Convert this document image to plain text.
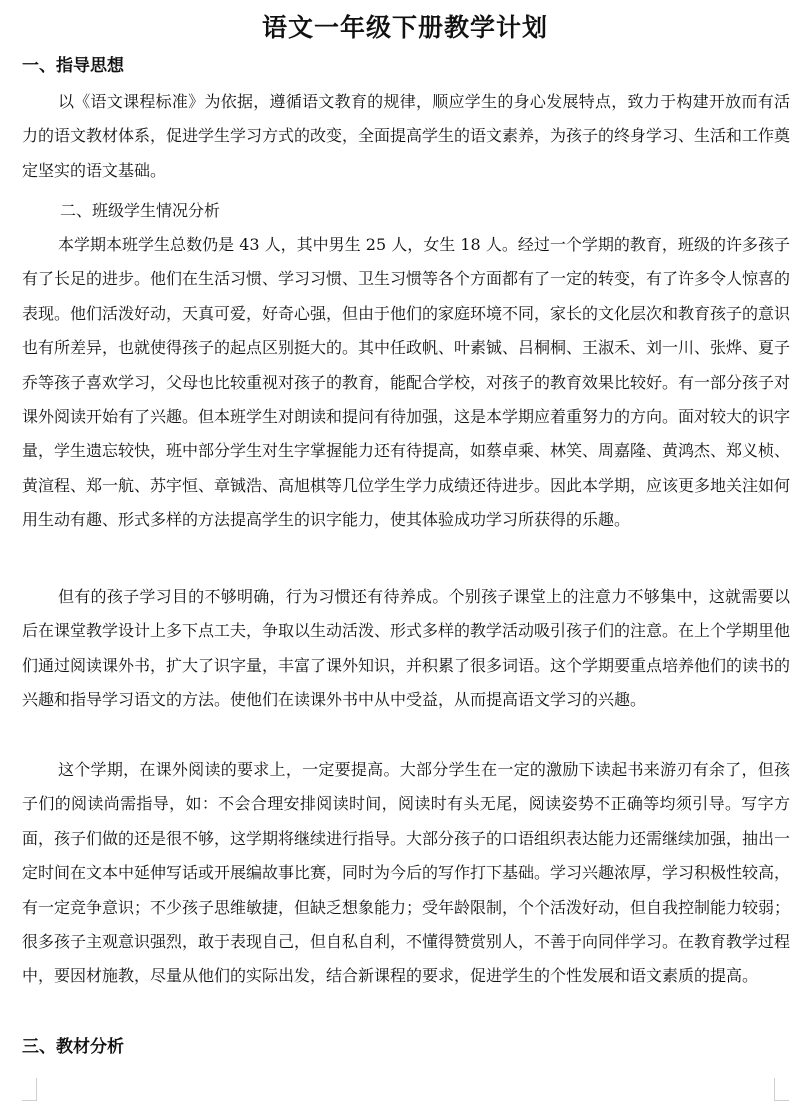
语文一年级下册教学计划
一、指导思想

以《语文课程标准》为依据，遵循语文教育的规律，顺应学生的身心发展特点，致力于构建开放而有活力的语文教材体系，促进学生学习方式的改变，全面提高学生的语文素养，为孩子的终身学习、生活和工作奠定坚实的语文基础。

二、班级学生情况分析

本学期本班学生总数仍是 43 人，其中男生 25 人，女生 18 人。经过一个学期的教育，班级的许多孩子有了长足的进步。他们在生活习惯、学习习惯、卫生习惯等各个方面都有了一定的转变，有了许多令人惊喜的表现。他们活泼好动，天真可爱，好奇心强，但由于他们的家庭环境不同，家长的文化层次和教育孩子的意识也有所差异，也就使得孩子的起点区别挺大的。其中任政帆、叶素铖、吕桐桐、王淑禾、刘一川、张烨、夏子乔等孩子喜欢学习，父母也比较重视对孩子的教育，能配合学校，对孩子的教育效果比较好。有一部分孩子对课外阅读开始有了兴趣。但本班学生对朗读和提问有待加强，这是本学期应着重努力的方向。面对较大的识字量，学生遗忘较快，班中部分学生对生字掌握能力还有待提高，如蔡卓乘、林笑、周嘉隆、黄鸿杰、郑义桢、黄渲程、郑一航、苏宇恒、章铖浩、高旭棋等几位学生学力成绩还待进步。因此本学期，应该更多地关注如何用生动有趣、形式多样的方法提高学生的识字能力，使其体验成功学习所获得的乐趣。

但有的孩子学习目的不够明确，行为习惯还有待养成。个别孩子课堂上的注意力不够集中，这就需要以后在课堂教学设计上多下点工夫，争取以生动活泼、形式多样的教学活动吸引孩子们的注意。在上个学期里他们通过阅读课外书，扩大了识字量，丰富了课外知识，并积累了很多词语。这个学期要重点培养他们的读书的兴趣和指导学习语文的方法。使他们在读课外书中从中受益，从而提高语文学习的兴趣。

这个学期，在课外阅读的要求上，一定要提高。大部分学生在一定的激励下读起书来游刃有余了，但孩子们的阅读尚需指导，如：不会合理安排阅读时间，阅读时有头无尾，阅读姿势不正确等均须引导。写字方面，孩子们做的还是很不够，这学期将继续进行指导。大部分孩子的口语组织表达能力还需继续加强，抽出一定时间在文本中延伸写话或开展编故事比赛，同时为今后的写作打下基础。学习兴趣浓厚，学习积极性较高，有一定竞争意识；不少孩子思维敏捷，但缺乏想象能力；受年龄限制，个个活泼好动，但自我控制能力较弱；很多孩子主观意识强烈，敢于表现自己，但自私自利，不懂得赞赏别人，不善于向同伴学习。在教育教学过程中，要因材施教，尽量从他们的实际出发，结合新课程的要求，促进学生的个性发展和语文素质的提高。

三、教材分析
